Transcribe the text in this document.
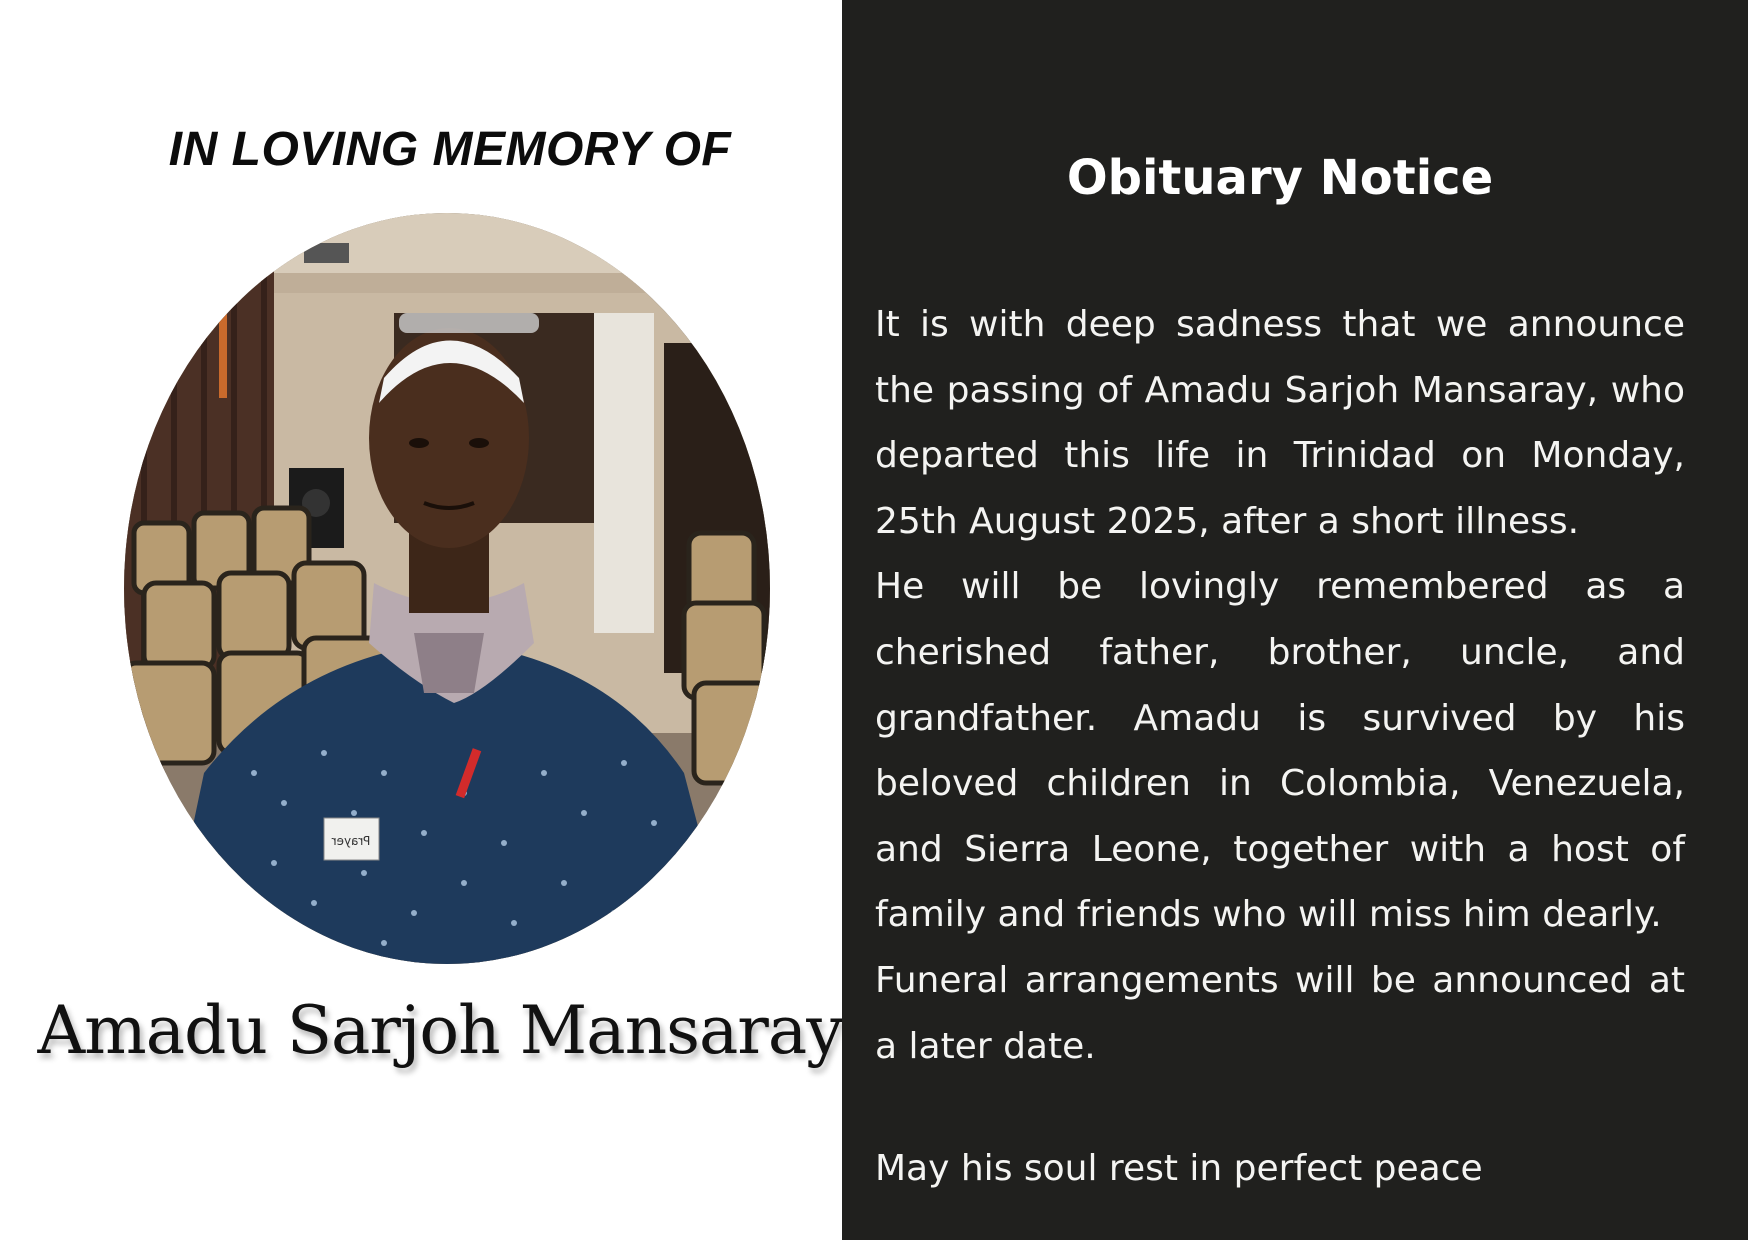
IN LOVING MEMORY OF
Prayer
Amadu Sarjoh Mansaray
Obituary Notice

It is with deep sadness that we announce the passing of Amadu Sarjoh Mansaray, who departed this life in Trinidad on Monday, 25th August 2025, after a short illness.

He will be lovingly remembered as a cherished father, brother, uncle, and grandfather. Amadu is survived by his beloved children in Colombia, Venezuela, and Sierra Leone, together with a host of family and friends who will miss him dearly.

Funeral arrangements will be announced at a later date.

May his soul rest in perfect peace
